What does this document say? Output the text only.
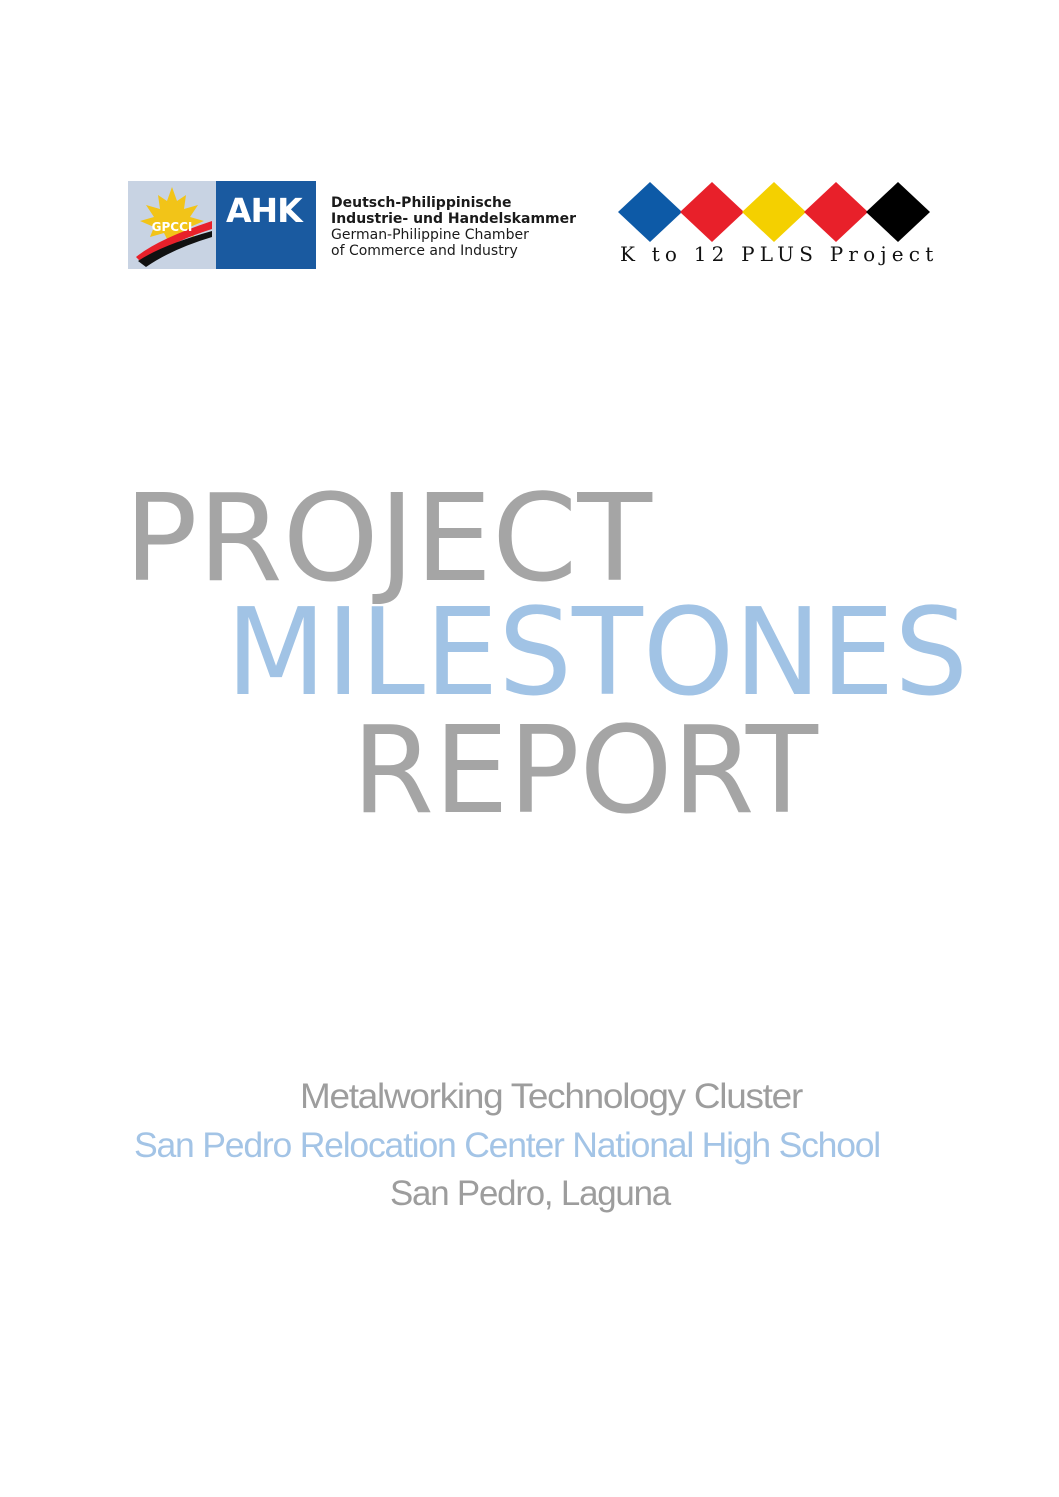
GPCCI AHK Deutsch-Philippinische
Industrie- und Handelskammer
German-Philippine Chamber
of Commerce and Industry	K to 12 PLUS Project
PROJECT
MILESTONES
REPORT
Metalworking Technology Cluster
San Pedro Relocation Center National High School
San Pedro, Laguna
